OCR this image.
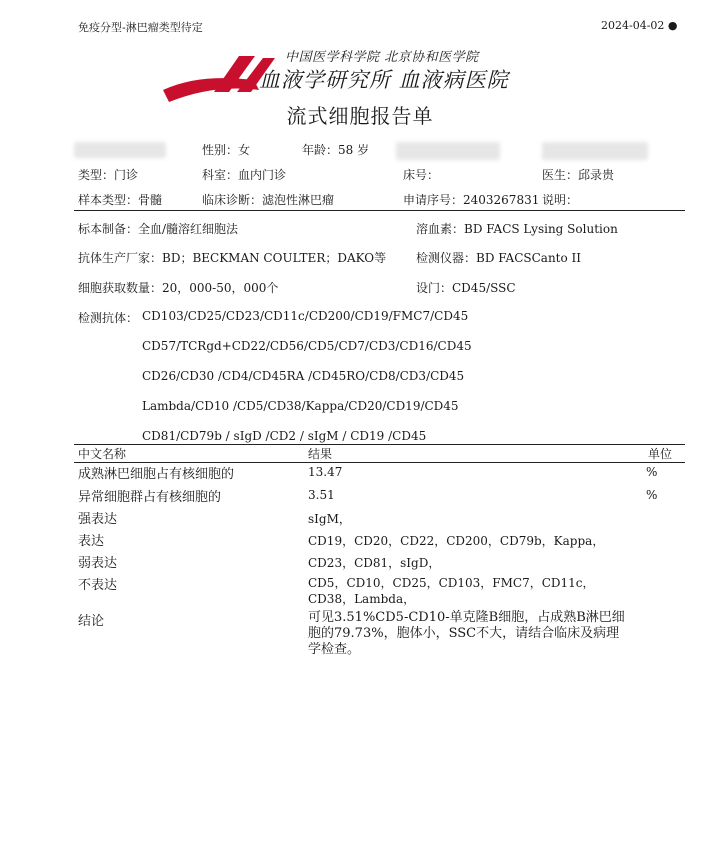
免疫分型-淋巴瘤类型待定	2024-04-02 ●
中国医学科学院 北京协和医学院
血液学研究所 血液病医院
流式细胞报告单
性别：女	年龄：58 岁
类型：门诊	科室：血内门诊	床号：	医生：邱录贵
样本类型：骨髓	临床诊断：滤泡性淋巴瘤	申请序号：2403267831 说明：
标本制备：全血/髓溶红细胞法	溶血素：BD FACS Lysing Solution
抗体生产厂家：BD；BECKMAN COULTER；DAKO等 检测仪器：BD FACSCanto II
细胞获取数量：20，000-50，000个	设门：CD45/SSC
检测抗体： CD103/CD25/CD23/CD11c/CD200/CD19/FMC7/CD45
CD57/TCRgd+CD22/CD56/CD5/CD7/CD3/CD16/CD45
CD26/CD30 /CD4/CD45RA /CD45RO/CD8/CD3/CD45
Lambda/CD10 /CD5/CD38/Kappa/CD20/CD19/CD45
CD81/CD79b / sIgD /CD2 / sIgM / CD19 /CD45
中文名称	结果	单位
成熟淋巴细胞占有核细胞的	13.47	%
异常细胞群占有核细胞的	3.51	%
强表达	sIgM，
表达	CD19，CD20，CD22，CD200，CD79b，Kappa，
弱表达	CD23，CD81，sIgD，
不表达	CD5，CD10，CD25，CD103，FMC7，CD11c，CD38，Lambda，
结论	可见3.51%CD5-CD10-单克隆B细胞，占成熟B淋巴细胞的79.73%，胞体小，SSC不大，请结合临床及病理学检查。
